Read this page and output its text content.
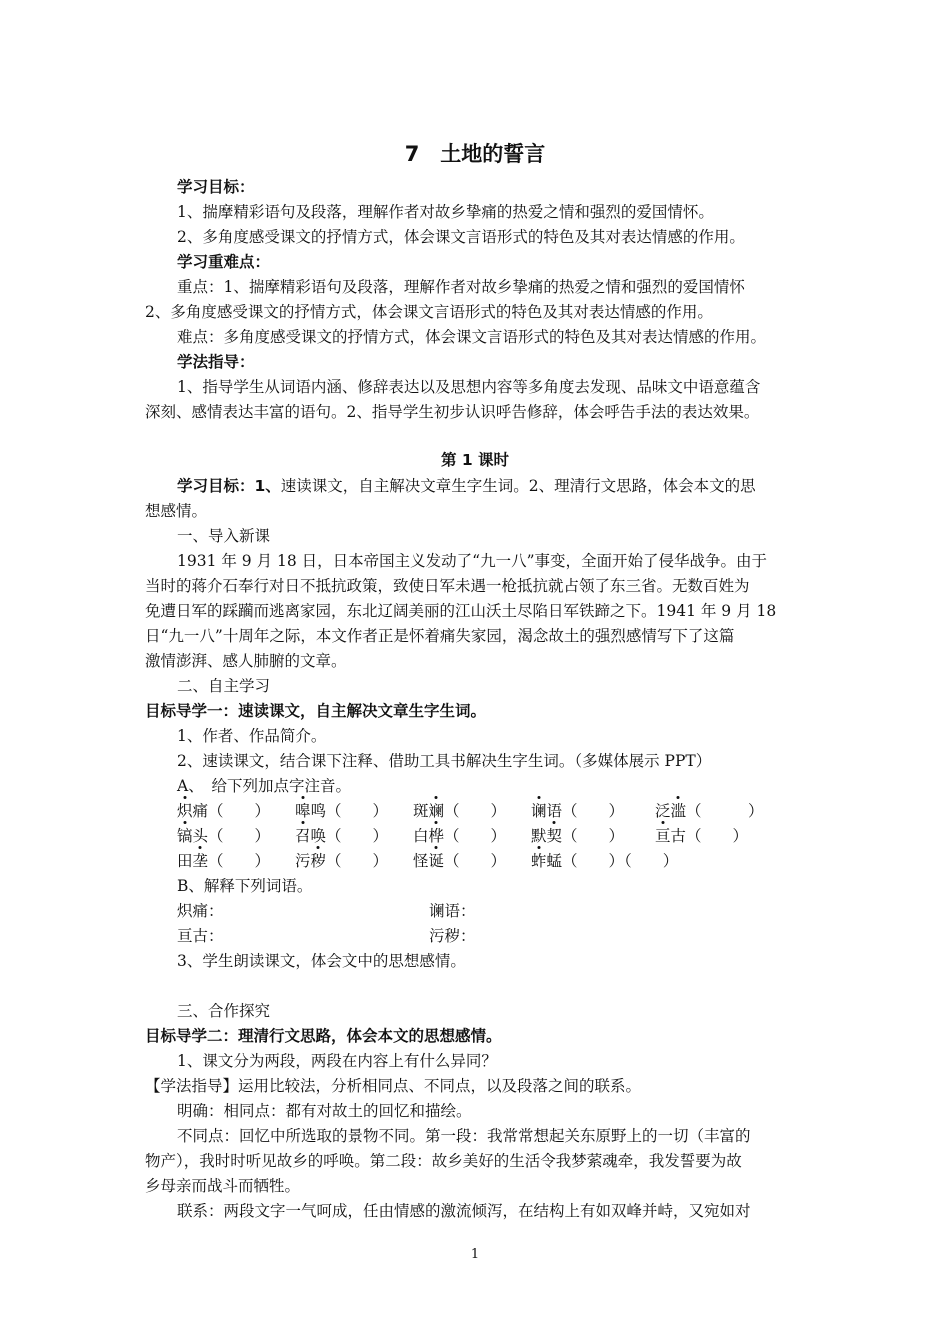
7　土地的誓言
学习目标：
1、揣摩精彩语句及段落，理解作者对故乡挚痛的热爱之情和强烈的爱国情怀。
2、多角度感受课文的抒情方式，体会课文言语形式的特色及其对表达情感的作用。
学习重难点：
重点：1、揣摩精彩语句及段落，理解作者对故乡挚痛的热爱之情和强烈的爱国情怀
2、多角度感受课文的抒情方式，体会课文言语形式的特色及其对表达情感的作用。
难点：多角度感受课文的抒情方式，体会课文言语形式的特色及其对表达情感的作用。
学法指导：
1、指导学生从词语内涵、修辞表达以及思想内容等多角度去发现、品味文中语意蕴含
深刻、感情表达丰富的语句。2、指导学生初步认识呼告修辞，体会呼告手法的表达效果。
第 1 课时
学习目标：1、速读课文，自主解决文章生字生词。2、理清行文思路，体会本文的思
想感情。
一、导入新课
1931 年 9 月 18 日，日本帝国主义发动了“九一八”事变，全面开始了侵华战争。由于
当时的蒋介石奉行对日不抵抗政策，致使日军未遇一枪抵抗就占领了东三省。无数百姓为
免遭日军的踩躏而逃离家园，东北辽阔美丽的江山沃土尽陷日军铁蹄之下。1941 年 9 月 18
日“九一八”十周年之际，本文作者正是怀着痛失家园，渴念故土的强烈感情写下了这篇
激情澎湃、感人肺腑的文章。
二、自主学习
目标导学一：速读课文，自主解决文章生字生词。
1、作者、作品简介。
2、速读课文，结合课下注释、借助工具书解决生字生词。（多媒体展示 PPT）
A、　给下列加点字注音。
炽痛（　　） 嗥鸣（　　） 斑斓（　　） 谰语（　　） 泛滥（　　　）
镐头（　　） 召唤（　　） 白桦（　　） 默契（　　） 亘古（　　）
田垄（　　） 污秽（　　） 怪诞（　　） 蚱蜢（　　）（　　）
B、解释下列词语。
炽痛：	谰语：
亘古：	污秽：
3、学生朗读课文，体会文中的思想感情。
三、合作探究
目标导学二：理清行文思路，体会本文的思想感情。
1、课文分为两段，两段在内容上有什么异同？
【学法指导】运用比较法，分析相同点、不同点，以及段落之间的联系。
明确：相同点：都有对故土的回忆和描绘。
不同点：回忆中所选取的景物不同。第一段：我常常想起关东原野上的一切（丰富的
物产），我时时听见故乡的呼唤。第二段：故乡美好的生活令我梦萦魂牵，我发誓要为故
乡母亲而战斗而牺牲。
联系：两段文字一气呵成，任由情感的激流倾泻，在结构上有如双峰并峙，又宛如对
1
